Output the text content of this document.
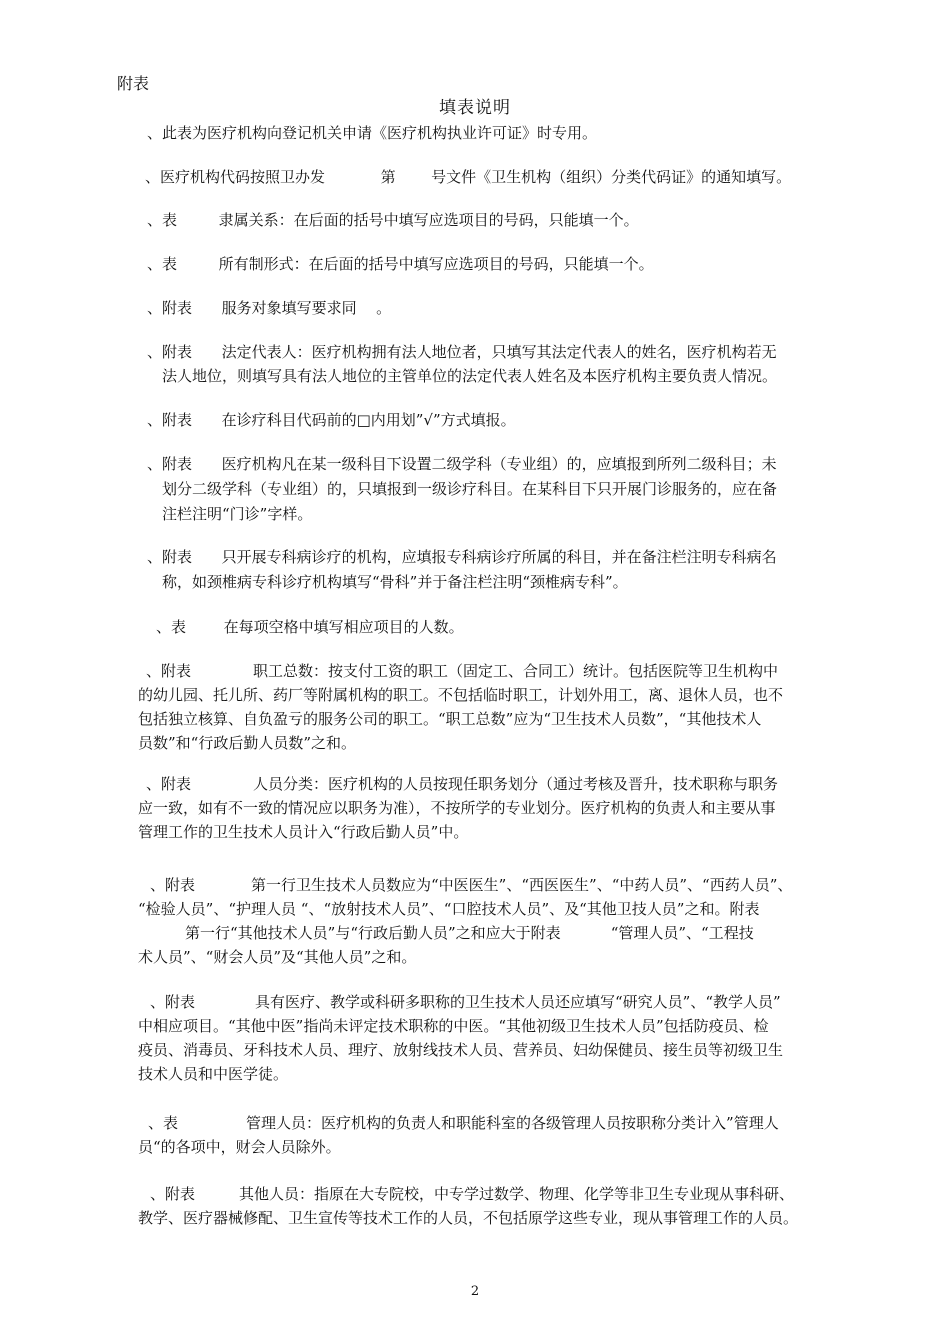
附表
填表说明
、此表为医疗机构向登记机关申请《医疗机构执业许可证》时专用。
、医疗机构代码按照卫办发	第 号文件《卫生机构（组织）分类代码证》的通知填写。
、表	隶属关系：在后面的括号中填写应选项目的号码，只能填一个。
、表	所有制形式：在后面的括号中填写应选项目的号码，只能填一个。
、附表 服务对象填写要求同 。
、附表 法定代表人：医疗机构拥有法人地位者，只填写其法定代表人的姓名，医疗机构若无
法人地位，则填写具有法人地位的主管单位的法定代表人姓名及本医疗机构主要负责人情况。
、附表 在诊疗科目代码前的□内用划”√”方式填报。
、附表 医疗机构凡在某一级科目下设置二级学科（专业组）的，应填报到所列二级科目；未
划分二级学科（专业组）的，只填报到一级诊疗科目。在某科目下只开展门诊服务的，应在备
注栏注明“门诊”字样。
、附表 只开展专科病诊疗的机构，应填报专科病诊疗所属的科目，并在备注栏注明专科病名
称，如颈椎病专科诊疗机构填写“骨科”并于备注栏注明“颈椎病专科”。
、表	在每项空格中填写相应项目的人数。
、附表	职工总数：按支付工资的职工（固定工、合同工）统计。包括医院等卫生机构中
的幼儿园、托儿所、药厂等附属机构的职工。不包括临时职工，计划外用工，离、退休人员，也不
包括独立核算、自负盈亏的服务公司的职工。“职工总数”应为“卫生技术人员数”，“其他技术人
员数”和“行政后勤人员数”之和。
、附表	人员分类：医疗机构的人员按现任职务划分（通过考核及晋升，技术职称与职务
应一致，如有不一致的情况应以职务为准），不按所学的专业划分。医疗机构的负责人和主要从事
管理工作的卫生技术人员计入“行政后勤人员”中。
、附表	第一行卫生技术人员数应为“中医医生”、“西医医生”、“中药人员”、“西药人员”、
“检验人员”、“护理人员 “、“放射技术人员”、“口腔技术人员”、及“其他卫技人员”之和。附表
第一行“其他技术人员”与“行政后勤人员”之和应大于附表	“管理人员”、“工程技
术人员”、“财会人员”及“其他人员”之和。
、附表	具有医疗、教学或科研多职称的卫生技术人员还应填写“研究人员”、“教学人员”
中相应项目。“其他中医”指尚未评定技术职称的中医。“其他初级卫生技术人员”包括防疫员、检
疫员、消毒员、牙科技术人员、理疗、放射线技术人员、营养员、妇幼保健员、接生员等初级卫生
技术人员和中医学徒。
、表	管理人员：医疗机构的负责人和职能科室的各级管理人员按职称分类计入”管理人
员“的各项中，财会人员除外。
、附表	其他人员：指原在大专院校，中专学过数学、物理、化学等非卫生专业现从事科研、
教学、医疗器械修配、卫生宣传等技术工作的人员，不包括原学这些专业，现从事管理工作的人员。
2
